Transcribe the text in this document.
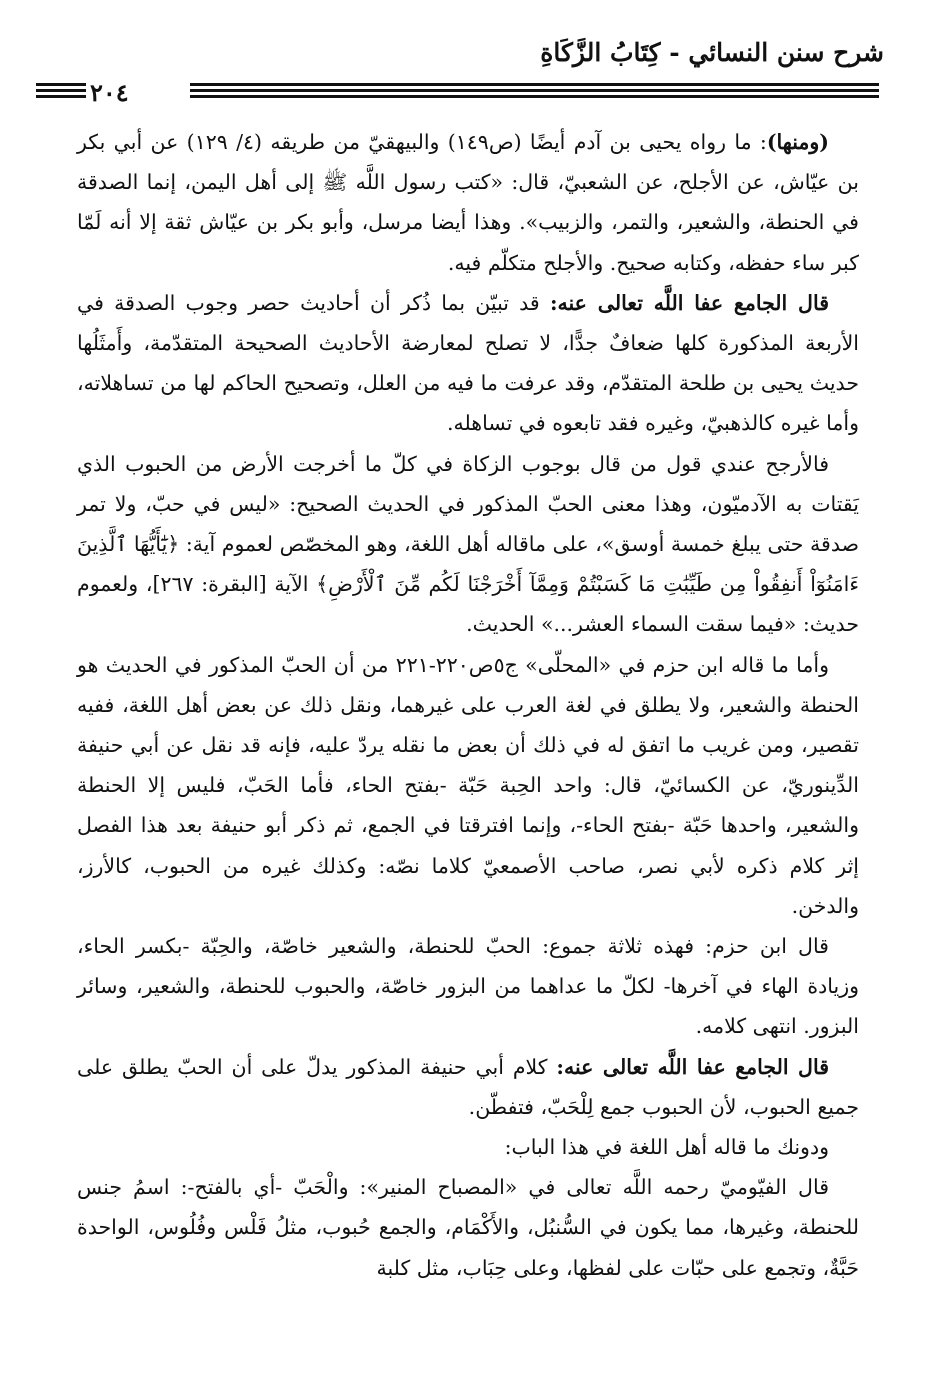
شرح سنن النسائي - كِتَابُ الزَّكَاةِ
٢٠٤

(ومنها): ما رواه يحيى بن آدم أيضًا (ص١٤٩) والبيهقيّ من طريقه (٤/ ١٢٩) عن أبي بكر بن عيّاش، عن الأجلح، عن الشعبيّ، قال: «كتب رسول اللَّه ﷺ إلى أهل اليمن، إنما الصدقة في الحنطة، والشعير، والتمر، والزبيب». وهذا أيضا مرسل، وأبو بكر بن عيّاش ثقة إلا أنه لَمّا كبر ساء حفظه، وكتابه صحيح. والأجلح متكلّم فيه.

قال الجامع عفا اللَّه تعالى عنه: قد تبيّن بما ذُكر أن أحاديث حصر وجوب الصدقة في الأربعة المذكورة كلها ضعافٌ جدًّا، لا تصلح لمعارضة الأحاديث الصحيحة المتقدّمة، وأَمثَلُها حديث يحيى بن طلحة المتقدّم، وقد عرفت ما فيه من العلل، وتصحيح الحاكم لها من تساهلاته، وأما غيره كالذهبيّ، وغيره فقد تابعوه في تساهله.

فالأرجح عندي قول من قال بوجوب الزكاة في كلّ ما أخرجت الأرض من الحبوب الذي يَقتات به الآدميّون، وهذا معنى الحبّ المذكور في الحديث الصحيح: «ليس في حبّ، ولا تمر صدقة حتى يبلغ خمسة أوسق»، على ماقاله أهل اللغة، وهو المخصّص لعموم آية: ﴿يَٰٓأَيُّهَا ٱلَّذِينَ ءَامَنُوٓاْ أَنفِقُواْ مِن طَيِّبَٰتِ مَا كَسَبْتُمْ وَمِمَّآ أَخْرَجْنَا لَكُم مِّنَ ٱلْأَرْضِ﴾ الآية [البقرة: ٢٦٧]، ولعموم حديث: «فيما سقت السماء العشر...» الحديث.

وأما ما قاله ابن حزم في «المحلّى» ج٥ص٢٢٠-٢٢١ من أن الحبّ المذكور في الحديث هو الحنطة والشعير، ولا يطلق في لغة العرب على غيرهما، ونقل ذلك عن بعض أهل اللغة، ففيه تقصير، ومن غريب ما اتفق له في ذلك أن بعض ما نقله يردّ عليه، فإنه قد نقل عن أبي حنيفة الدِّينوريّ، عن الكسائيّ، قال: واحد الحِبة حَبّة -بفتح الحاء، فأما الحَبّ، فليس إلا الحنطة والشعير، واحدها حَبّة -بفتح الحاء-، وإنما افترقتا في الجمع، ثم ذكر أبو حنيفة بعد هذا الفصل إثر كلام ذكره لأبي نصر، صاحب الأصمعيّ كلاما نصّه: وكذلك غيره من الحبوب، كالأرز، والدخن.

قال ابن حزم: فهذه ثلاثة جموع: الحبّ للحنطة، والشعير خاصّة، والحِبّة -بكسر الحاء، وزيادة الهاء في آخرها- لكلّ ما عداهما من البزور خاصّة، والحبوب للحنطة، والشعير، وسائر البزور. انتهى كلامه.

قال الجامع عفا اللَّه تعالى عنه: كلام أبي حنيفة المذكور يدلّ على أن الحبّ يطلق على جميع الحبوب، لأن الحبوب جمع لِلْحَبّ، فتفطّن.

ودونك ما قاله أهل اللغة في هذا الباب:

قال الفيّوميّ رحمه اللَّه تعالى في «المصباح المنير»: والْحَبّ -أي بالفتح-: اسمُ جنس للحنطة، وغيرها، مما يكون في السُّنبُل، والأَكْمَام، والجمع حُبوب، مثلُ فَلْس وفُلُوس، الواحدة حَبَّةٌ، وتجمع على حبّات على لفظها، وعلى حِبَاب، مثل كلبة
